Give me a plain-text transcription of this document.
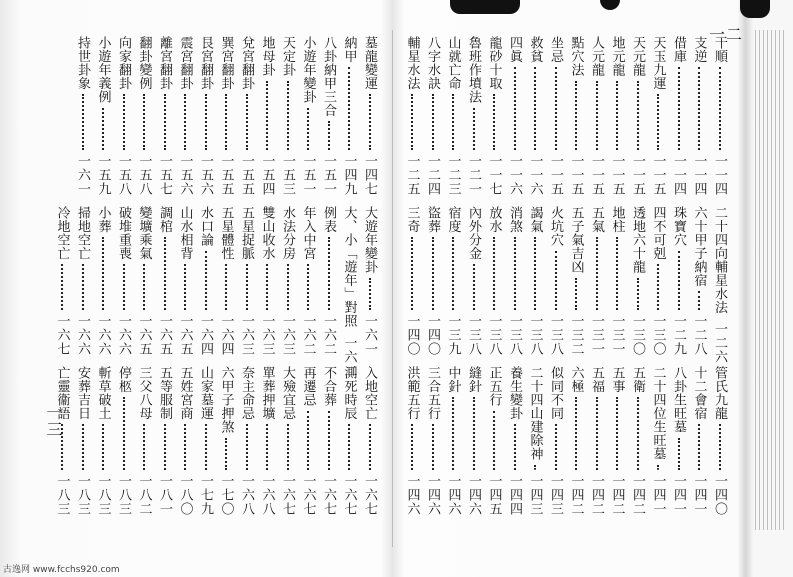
一三
墓龍變運
一四七
納甲
一四九
八卦納甲三合
一五一
小遊年變卦
一五一
天定卦
一五三
地母卦
一五四
兌宮翻卦
一五五
巽宮翻卦
一五五
艮宮翻卦
一五六
震宮翻卦
一五六
離宮翻卦
一五七
翻卦變例
一五八
向家翻卦
一五八
小遊年義例
一五九
持世卦象
一六一
大遊年變卦
一六一
大、小「遊年」對照
一六二
例表
一六二
年入中宮
一六二
水法分房
一六三
雙山收水
一六三
五星捉脈
一六三
五星體性
一六四
水口論
一六四
山水相背
一六五
調棺
一六五
變壙乘氣
一六五
破堆重喪
一六六
小葬
一六六
掃地空亡
一六六
冷地空亡
一六七
入地空亡
一六七
測死時辰
一六七
不合葬
一六七
再遷忌
一六七
大殮宜忌
一六七
單葬押壙
一六八
奈主命忌
一六八
六甲子押煞
一七〇
山家墓運
一七九
五姓宮商
一八〇
五等服制
一八一
三父八母
一八二
停柩
一八三
斬草破土
一八三
安葬吉日
一八三
亡靈衞語
一八三
一二
干順
一一四
支逆
一一四
借庫
一一四
天玉九運
一一五
天元龍
一一五
地元龍
一一五
人元龍
一一五
點穴法
一一五
坐忌
一一五
救貧
一一六
四眞
一一六
龍砂十取
一一七
魯班作墳法
一二一
山就亡命
一二三
八字水訣
一二四
輔星水法
一二五
二十四向輔星水法
一二六
六十甲子納宿
一二八
珠寶穴
一二九
四不可剋
一三〇
透地六十龍
一三〇
地柱
一三一
五氣
一三一
五子氣吉凶
一三二
火坑穴
一三八
謁氣
一三八
消煞
一三八
放水
一三八
內外分金
一三八
宿度
一三九
盜葬
一四〇
三奇
一四〇
管氏九龍
一四〇
十二會宿
一四一
八卦生旺墓
一四一
二十四位生旺墓
一四一
五衛
一四二
五事
一四二
五福
一四二
六極
一四二
似同不同
一四三
二十四山建除神
一四三
養生變卦
一四四
正五行
一四五
縫針
一四六
中針
一四六
三合五行
一四六
洪範五行
一四六
古逸网 www.fcchs920.com
